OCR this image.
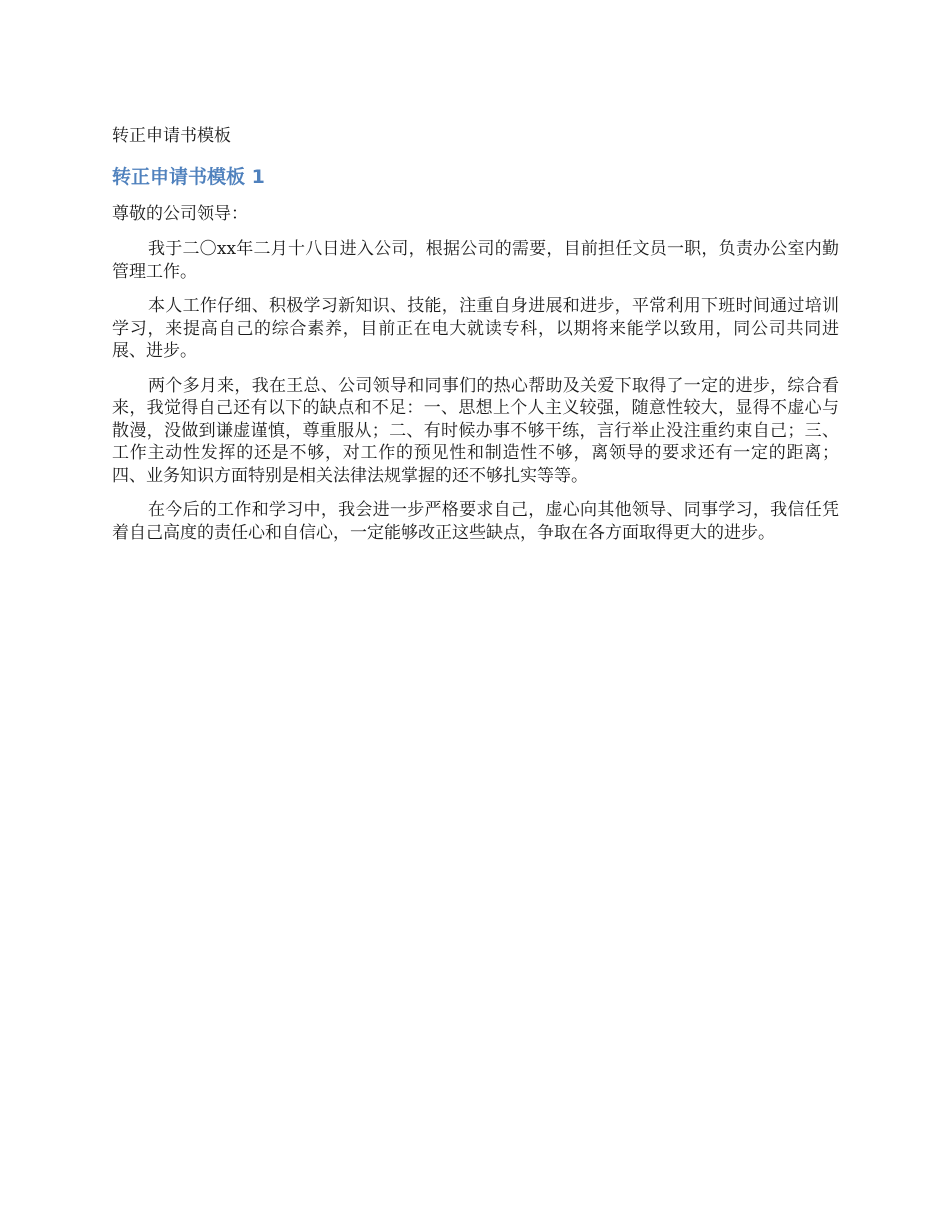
转正申请书模板
转正申请书模板 1
尊敬的公司领导：

我于二〇xx年二月十八日进入公司，根据公司的需要，目前担任文员一职，负责办公室内勤管理工作。

本人工作仔细、积极学习新知识、技能，注重自身进展和进步，平常利用下班时间通过培训学习，来提高自己的综合素养，目前正在电大就读专科，以期将来能学以致用，同公司共同进展、进步。

两个多月来，我在王总、公司领导和同事们的热心帮助及关爱下取得了一定的进步，综合看来，我觉得自己还有以下的缺点和不足：一、思想上个人主义较强，随意性较大，显得不虚心与散漫，没做到谦虚谨慎，尊重服从；二、有时候办事不够干练，言行举止没注重约束自己；三、工作主动性发挥的还是不够，对工作的预见性和制造性不够，离领导的要求还有一定的距离；四、业务知识方面特别是相关法律法规掌握的还不够扎实等等。

在今后的工作和学习中，我会进一步严格要求自己，虚心向其他领导、同事学习，我信任凭着自己高度的责任心和自信心，一定能够改正这些缺点，争取在各方面取得更大的进步。
